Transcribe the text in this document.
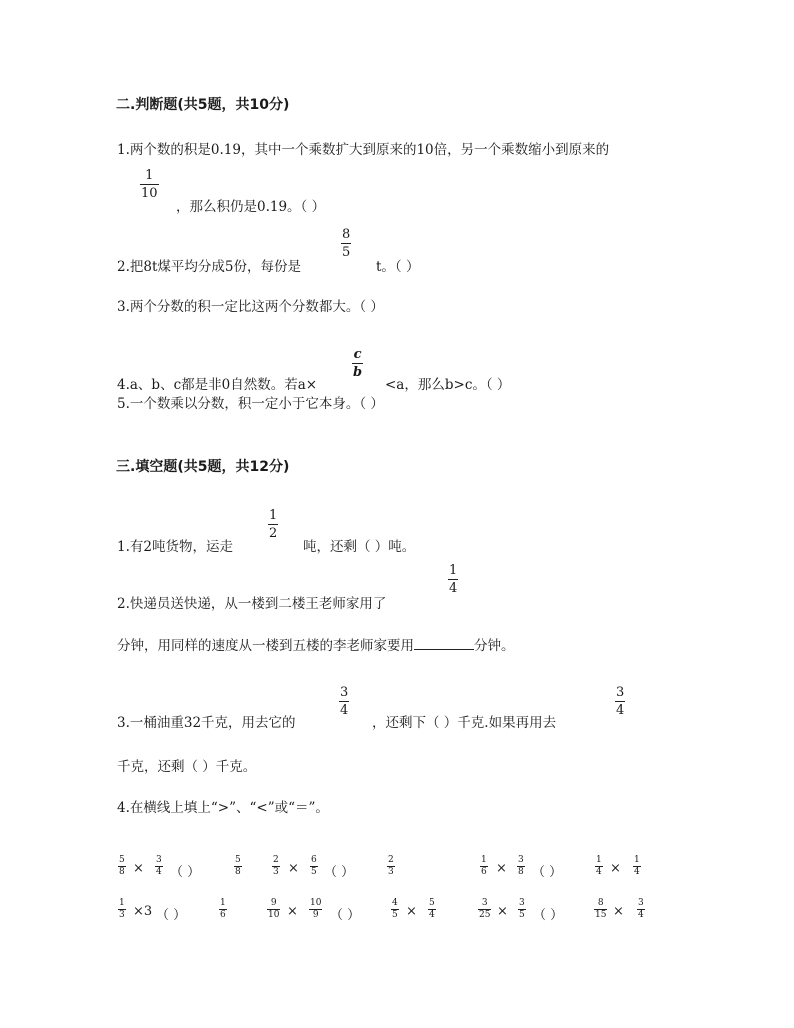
二.判断题(共5题，共10分)
1.两个数的积是0.19，其中一个乘数扩大到原来的10倍，另一个乘数缩小到原来的
1
10
，那么积仍是0.19。（ ）
2.把8t煤平均分成5份，每份是
8
5
t。（ ）
3.两个分数的积一定比这两个分数都大。（ ）
4.a、b、c都是非0自然数。若a×
c
b
<a，那么b>c。（ ）
5.一个数乘以分数，积一定小于它本身。（ ）
三.填空题(共5题，共12分)
1.有2吨货物，运走
1
2
吨，还剩（ ）吨。
2.快递员送快递，从一楼到二楼王老师家用了
1
4
分钟，用同样的速度从一楼到五楼的李老师家要用	分钟。
3.一桶油重32千克，用去它的
3
4
，还剩下（ ）千克.如果再用去
3
4
千克，还剩（ ）千克。
4.在横线上填上“>”、“<”或“＝”。
5
8 ×
3
4 （ ）
5
8
2
3 ×
6
5 （ ）
2
3
1
6 ×
3
8 （ ）
1
4 ×
1
4
1
3 ×3 （ ）
1
6
9
10 ×
10
9 （ ）
4
5 ×
5
4
3
25 ×
3
5 （ ）
8
15 ×
3
4
